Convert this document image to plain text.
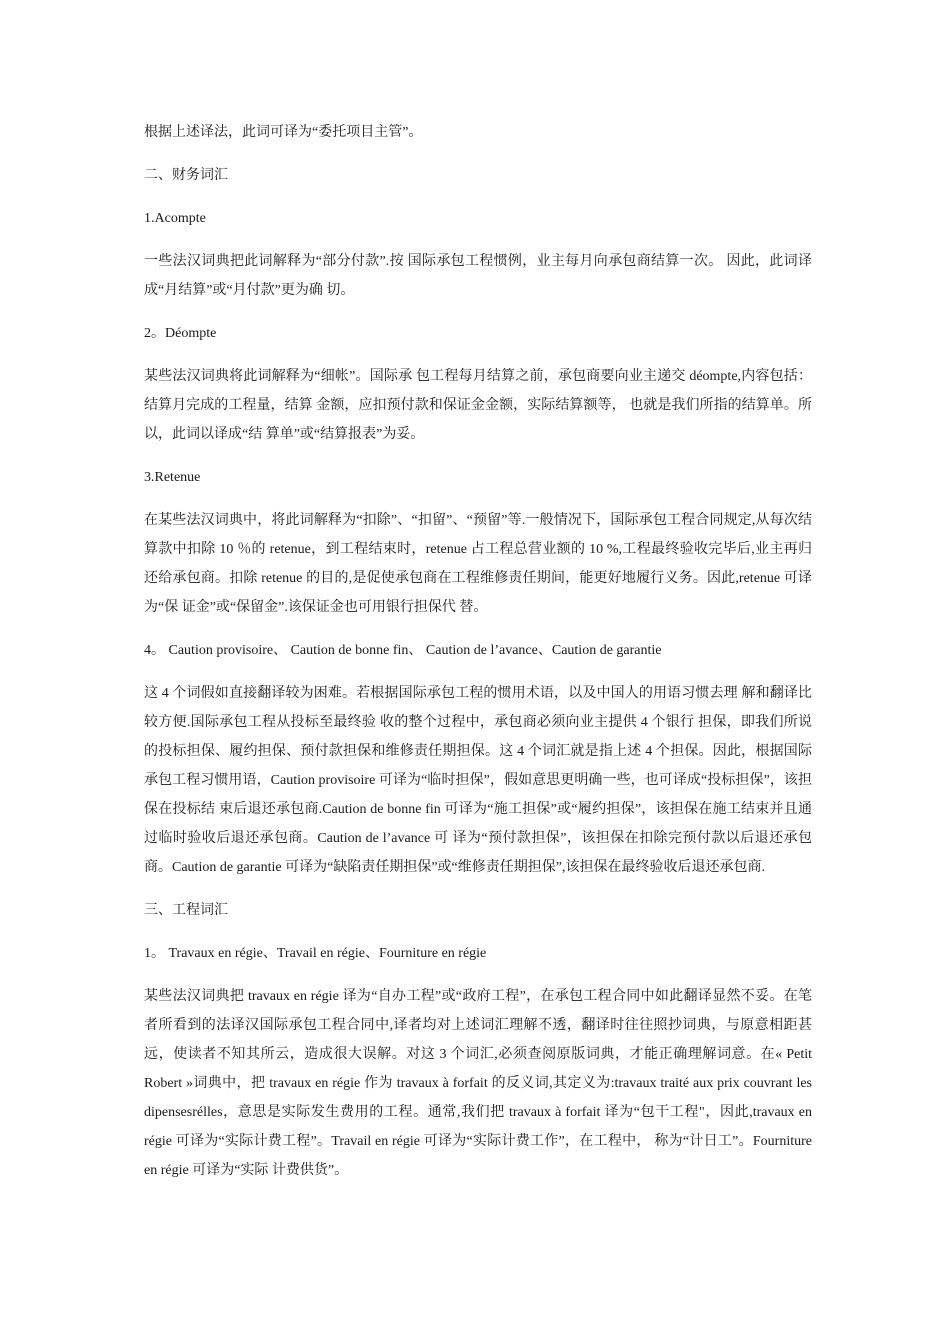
根据上述译法，此词可译为“委托项目主管”。

二、财务词汇

1.Acompte

一些法汉词典把此词解释为“部分付款”.按 国际承包工程惯例，业主每月向承包商结算一次。 因此，此词译成“月结算”或“月付款”更为确 切。

2。Déompte

某些法汉词典将此词解释为“细帐”。国际承 包工程每月结算之前，承包商要向业主递交 déompte,内容包括：结算月完成的工程量，结算 金额，应扣预付款和保证金金额，实际结算额等， 也就是我们所指的结算单。所以，此词以译成“结 算单”或“结算报表”为妥。

3.Retenue

在某些法汉词典中，将此词解释为“扣除”、“扣留”、“预留”等.一般情况下，国际承包工程合同规定,从每次结算款中扣除 10 ％的 retenue，到工程结束时，retenue 占工程总营业额的 10 %,工程最终验收完毕后,业主再归还给承包商。扣除 retenue 的目的,是促使承包商在工程维修责任期间，能更好地履行义务。因此,retenue 可译为“保 证金”或“保留金”.该保证金也可用银行担保代 替。

4。 Caution provisoire、 Caution de bonne fin、 Caution de l’avance、Caution de garantie

这 4 个词假如直接翻译较为困难。若根据国际承包工程的惯用术语，以及中国人的用语习惯去理 解和翻译比较方便.国际承包工程从投标至最终验 收的整个过程中，承包商必须向业主提供 4 个银行 担保，即我们所说的投标担保、履约担保、预付款担保和维修责任期担保。这 4 个词汇就是指上述 4 个担保。因此，根据国际承包工程习惯用语，Caution provisoire 可译为“临时担保”，假如意思更明确一些，也可译成“投标担保”，该担保在投标结 束后退还承包商.Caution de bonne fin 可译为“施工担保”或“履约担保”，该担保在施工结束并且通过临时验收后退还承包商。Caution de l’avance 可 译为“预付款担保”，该担保在扣除完预付款以后退还承包商。Caution de garantie 可译为“缺陷责任期担保”或“维修责任期担保”,该担保在最终验收后退还承包商.

三、工程词汇

1。 Travaux en régie、Travail en régie、Fourniture en régie

某些法汉词典把 travaux en régie 译为“自办工程”或“政府工程”，在承包工程合同中如此翻译显然不妥。在笔者所看到的法译汉国际承包工程合同中,译者均对上述词汇理解不透，翻译时往往照抄词典，与原意相距甚远，使读者不知其所云，造成很大误解。对这 3 个词汇,必须查阅原版词典，才能正确理解词意。在« Petit Robert »词典中，把 travaux en régie 作为 travaux à forfait 的反义词,其定义为:travaux traité aux prix couvrant les dipensesrélles，意思是实际发生费用的工程。通常,我们把 travaux à forfait 译为“包干工程"，因此,travaux en régie 可译为“实际计费工程”。Travail en régie 可译为“实际计费工作”，在工程中， 称为“计日工”。Fourniture en régie 可译为“实际 计费供货”。
